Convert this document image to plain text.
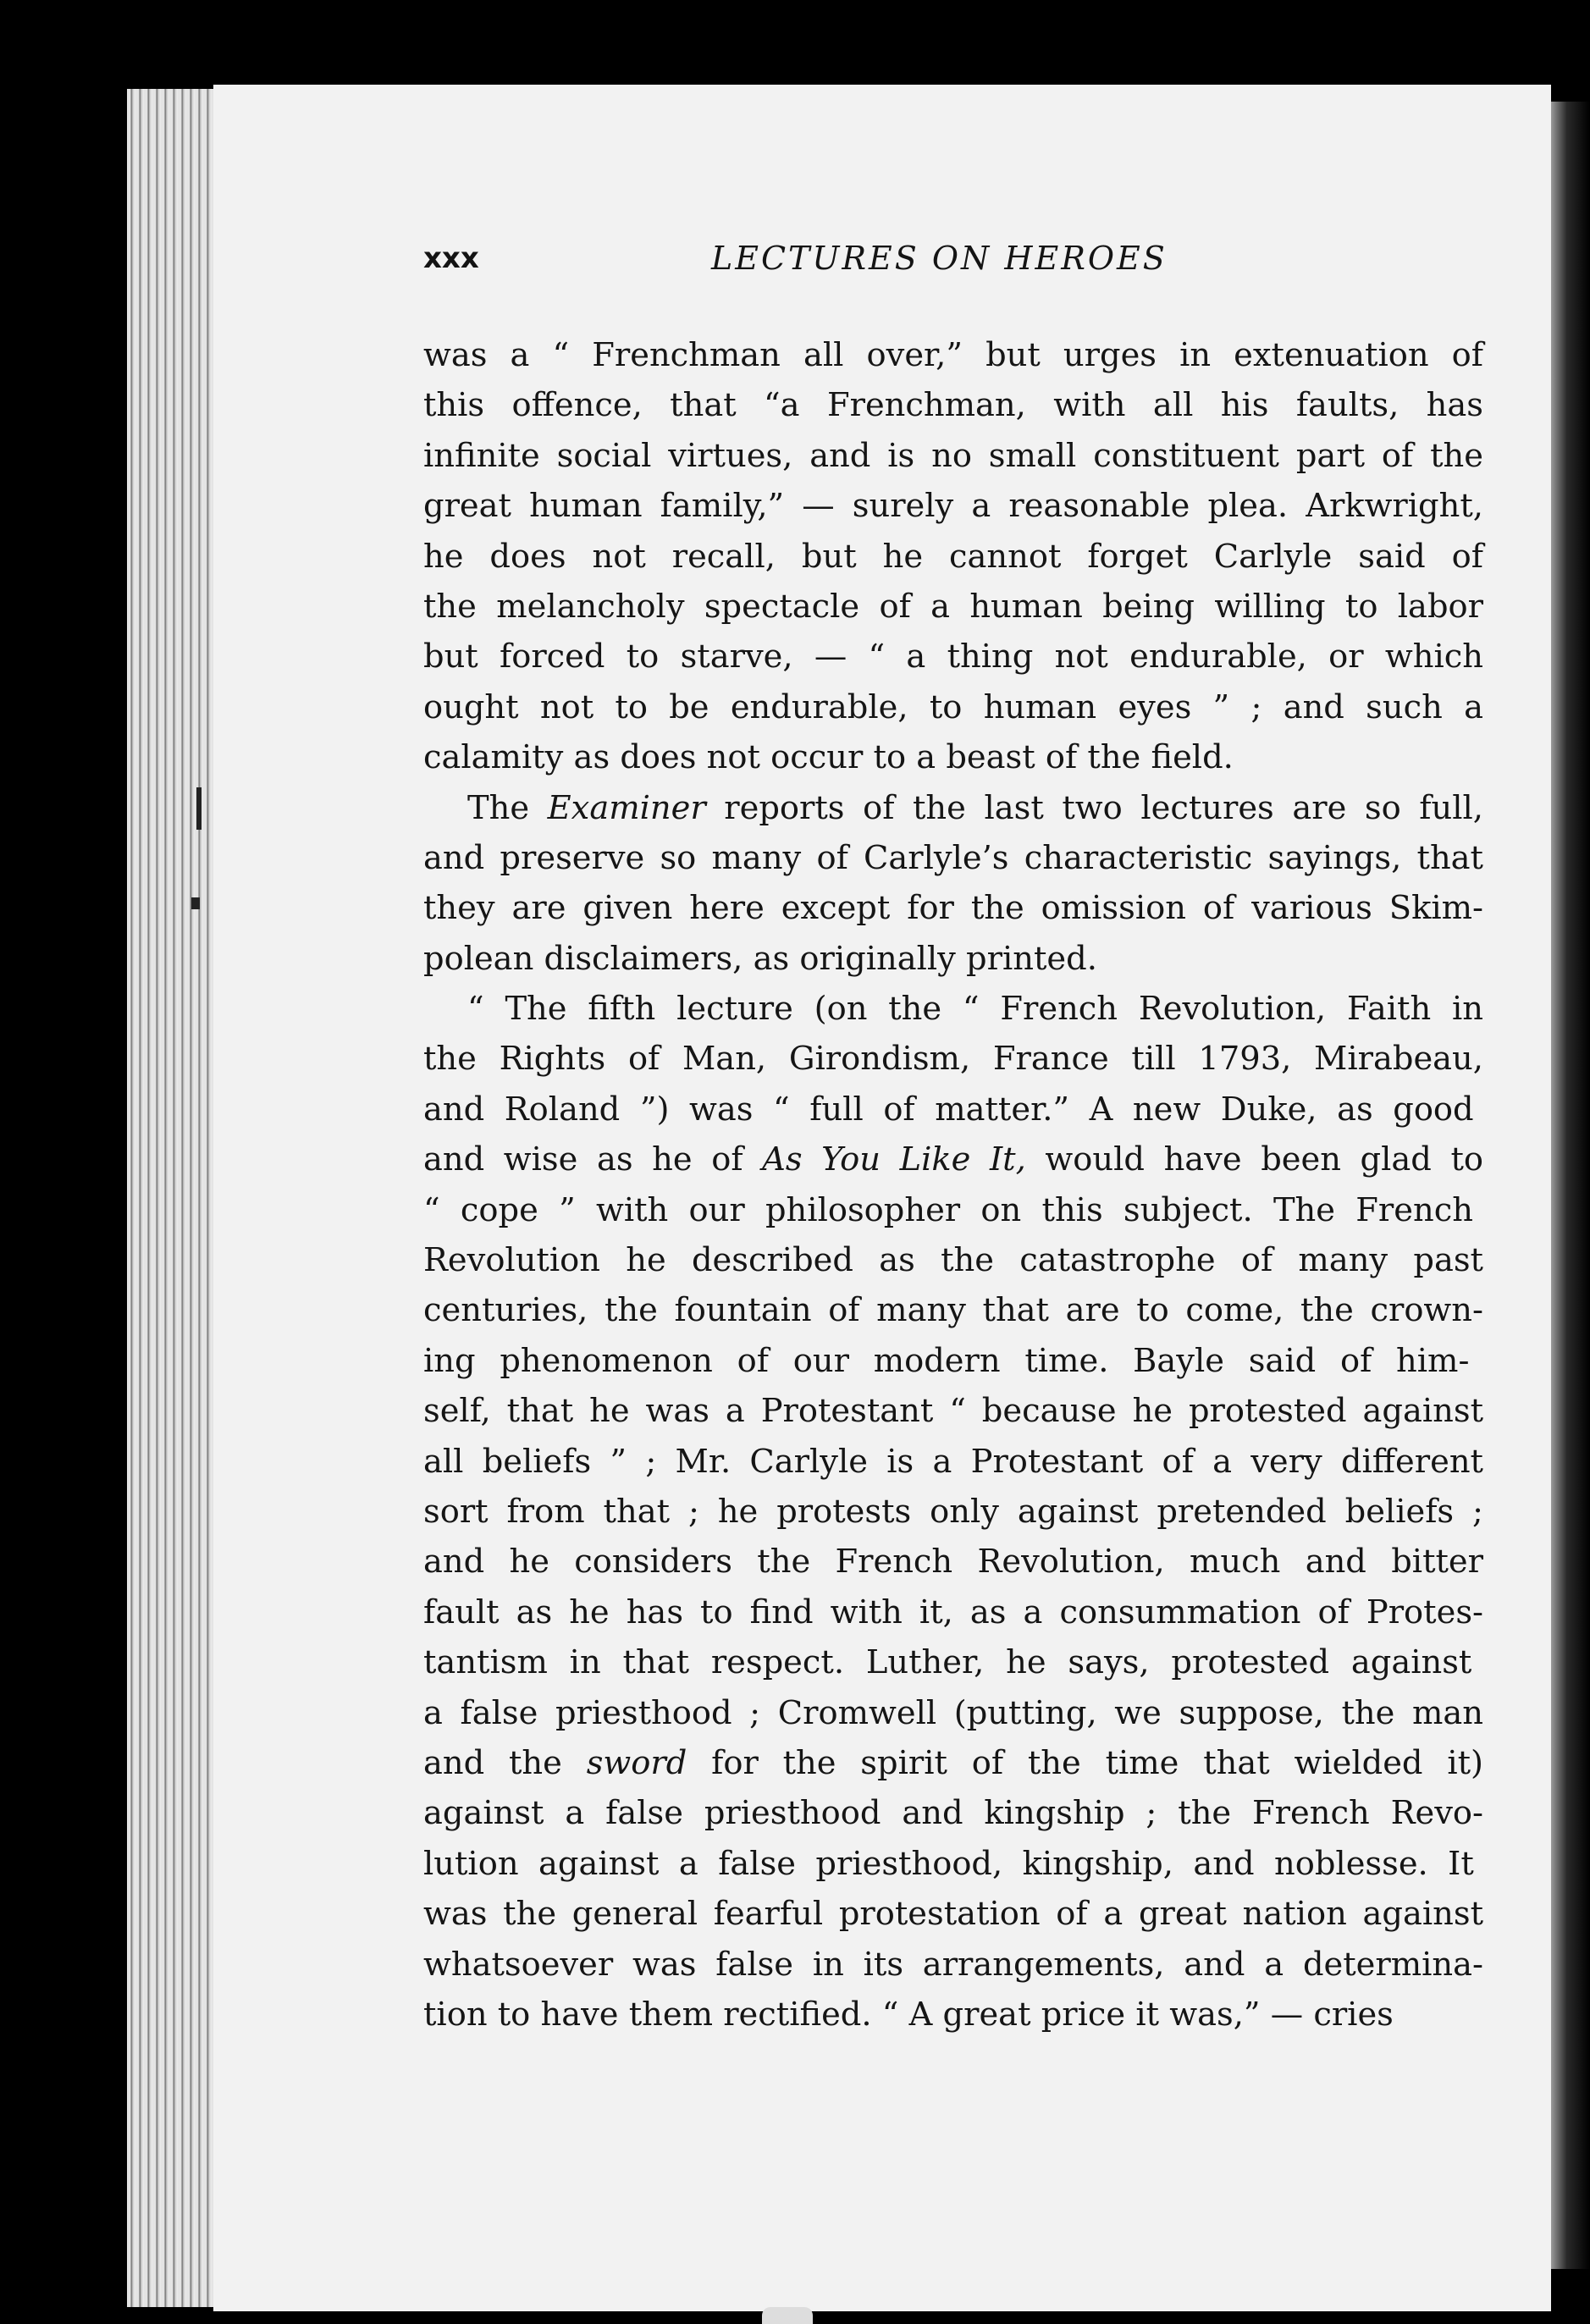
xxx	LECTURES ON HEROES
was a “ Frenchman all over,” but urges in extenuation of
this offence, that “a Frenchman, with all his faults, has
infinite social virtues, and is no small constituent part of the
great human family,” — surely a reasonable plea. Arkwright,
he does not recall, but he cannot forget Carlyle said of
the melancholy spectacle of a human being willing to labor
but forced to starve, — “ a thing not endurable, or which
ought not to be endurable, to human eyes ” ; and such a
calamity as does not occur to a beast of the field.
The Examiner reports of the last two lectures are so full,
and preserve so many of Carlyle’s characteristic sayings, that
they are given here except for the omission of various Skim-
polean disclaimers, as originally printed.
“ The fifth lecture (on the “ French Revolution, Faith in
the Rights of Man, Girondism, France till 1793, Mirabeau,
and Roland ”) was “ full of matter.” A new Duke, as good
and wise as he of As You Like It, would have been glad to
“ cope ” with our philosopher on this subject. The French
Revolution he described as the catastrophe of many past
centuries, the fountain of many that are to come, the crown-
ing phenomenon of our modern time. Bayle said of him-
self, that he was a Protestant “ because he protested against
all beliefs ” ; Mr. Carlyle is a Protestant of a very different
sort from that ; he protests only against pretended beliefs ;
and he considers the French Revolution, much and bitter
fault as he has to find with it, as a consummation of Protes-
tantism in that respect. Luther, he says, protested against
a false priesthood ; Cromwell (putting, we suppose, the man
and the sword for the spirit of the time that wielded it)
against a false priesthood and kingship ; the French Revo-
lution against a false priesthood, kingship, and noblesse. It
was the general fearful protestation of a great nation against
whatsoever was false in its arrangements, and a determina-
tion to have them rectified. “ A great price it was,” — cries
